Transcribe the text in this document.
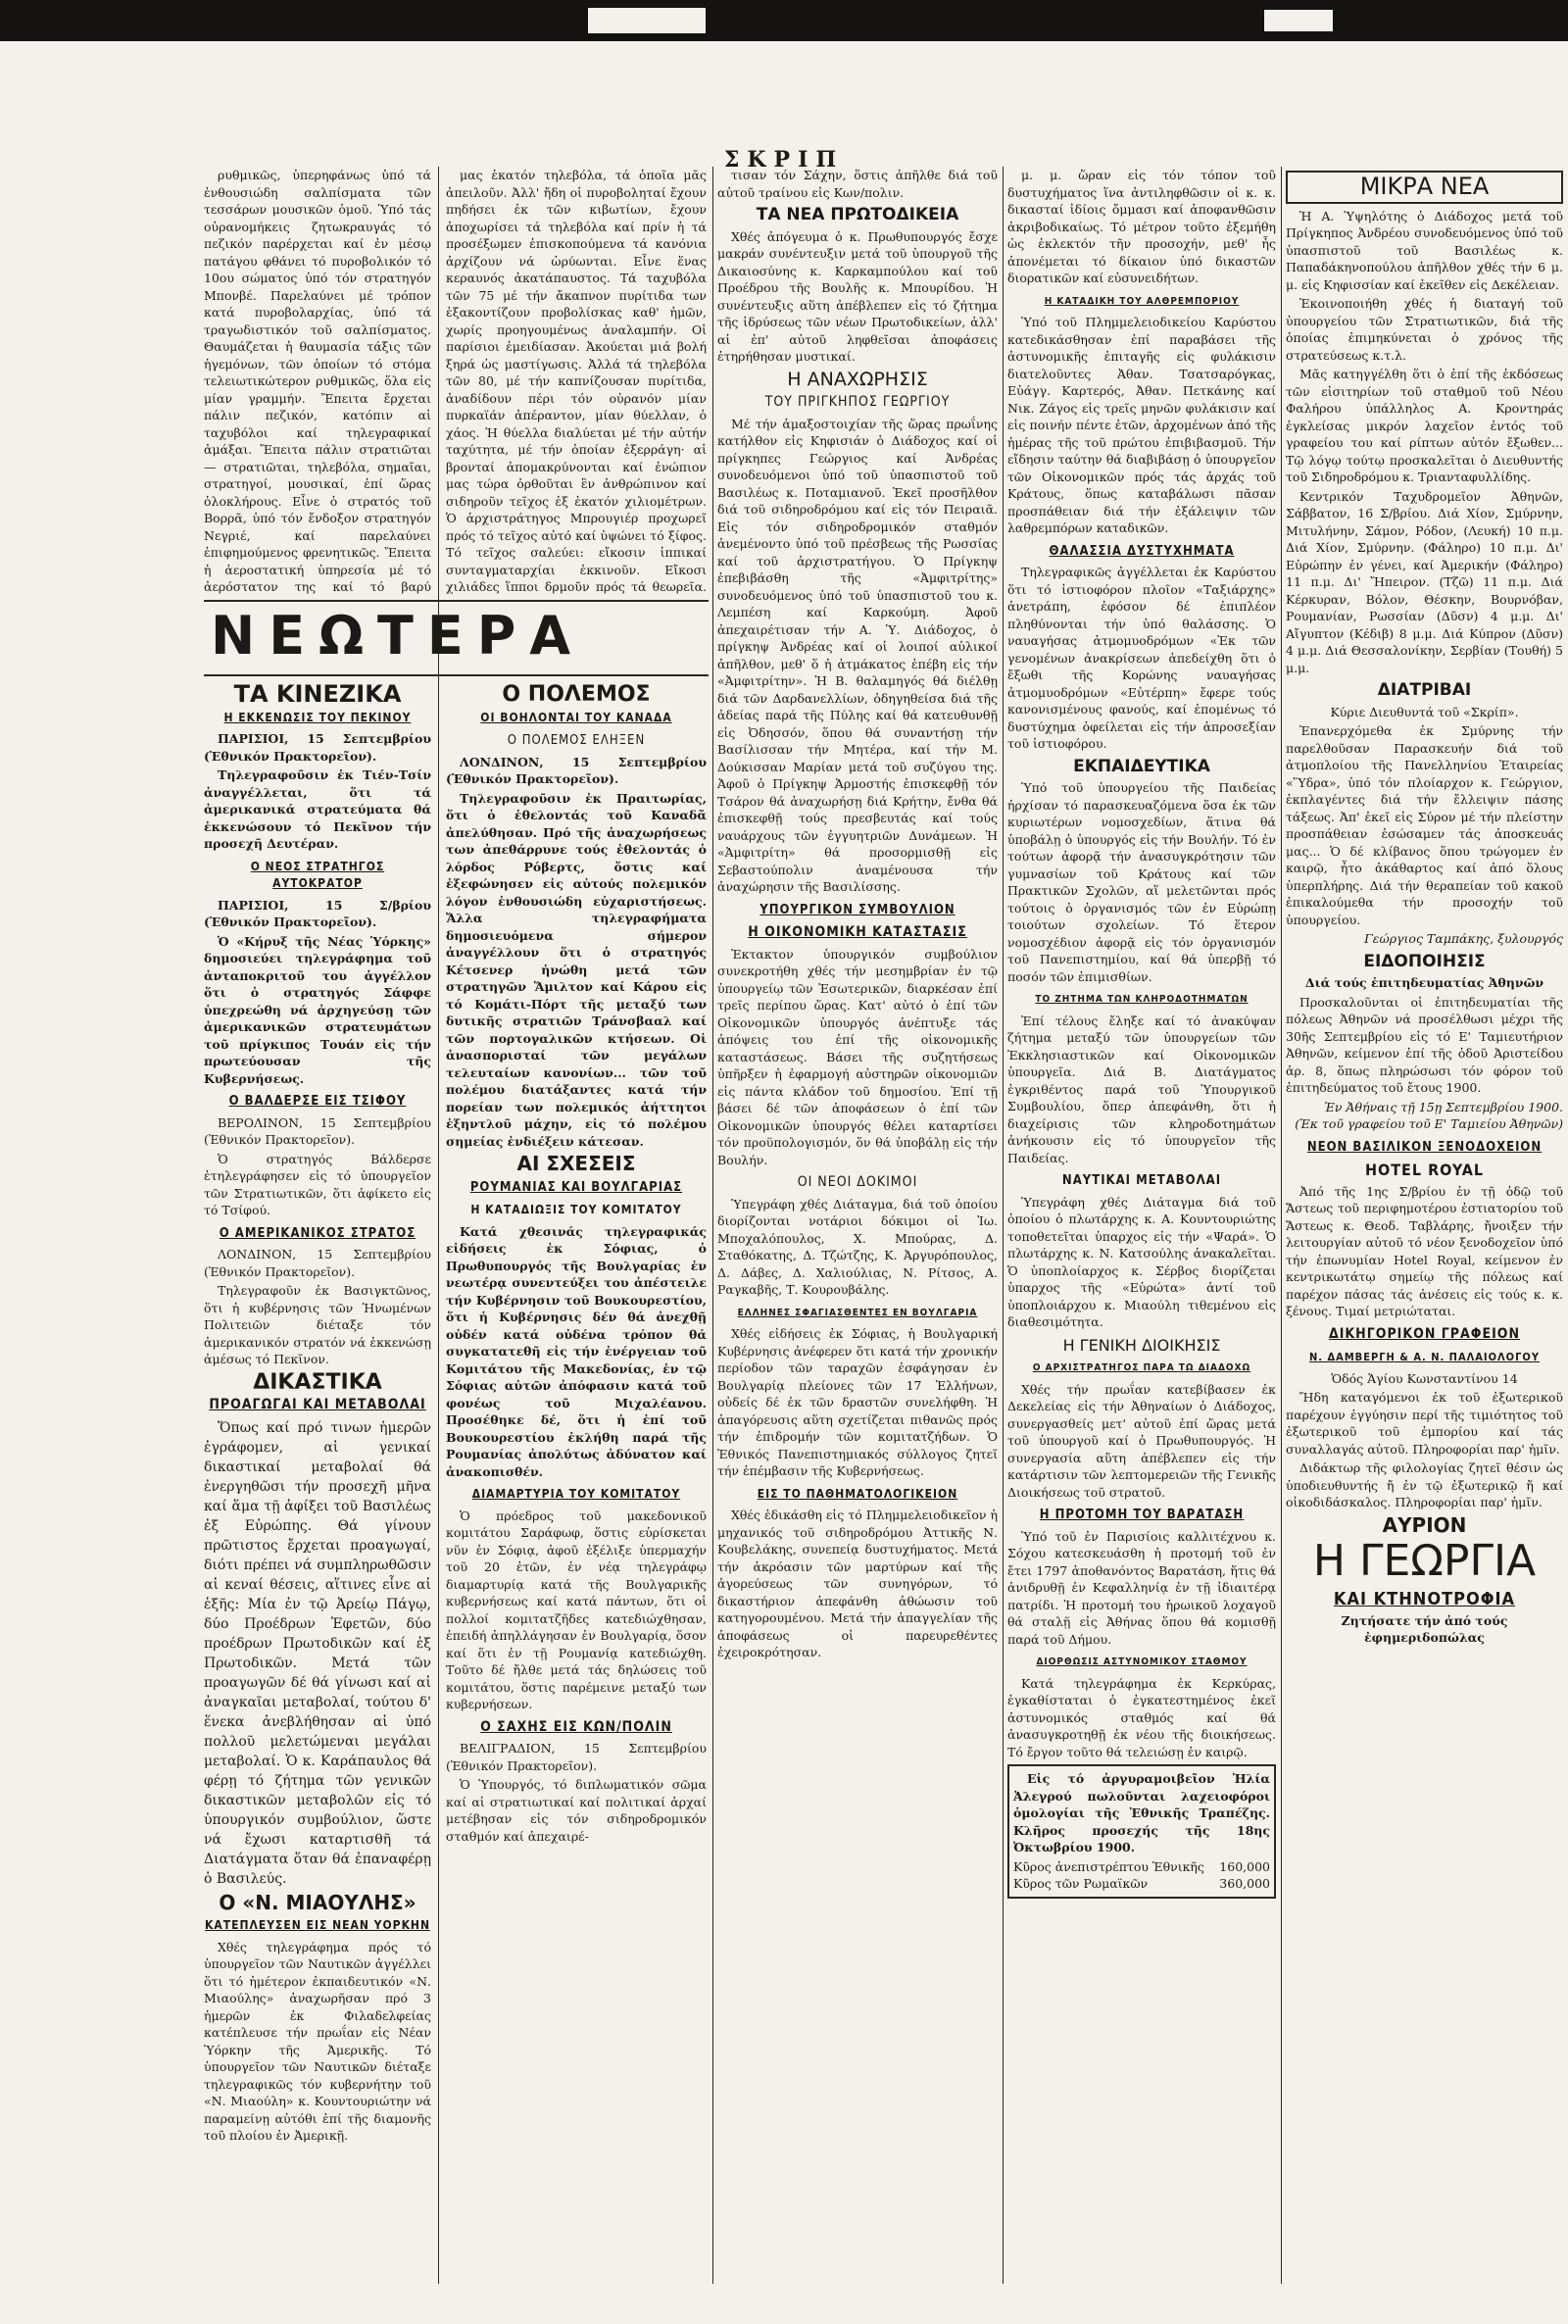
ΣΚΡΙΠ

ρυθμικῶς, ὑπερηφάνως ὑπό τά ἐνθουσιώδη σαλπίσματα τῶν τεσσάρων μουσικῶν ὁμοῦ. Ὑπό τάς οὐρανομήκεις ζητωκραυγάς τό πεζικόν παρέρχεται καί ἐν μέσῳ πατάγου φθάνει τό πυροβολικόν τό 10ου σώματος ὑπό τόν στρατηγόν Μπονβέ. Παρελαύνει μέ τρόπον κατά πυροβολαρχίας, ὑπό τά τραγωδιστικόν τοῦ σαλπίσματος. Θαυμάζεται ἡ θαυμασία τάξις τῶν ἡγεμόνων, τῶν ὁποίων τό στόμα τελειωτικώτερον ρυθμικῶς, ὅλα εἰς μίαν γραμμήν. Ἔπειτα ἔρχεται πάλιν πεζικόν, κατόπιν αἱ ταχυβόλοι καί τηλεγραφικαί ἁμάξαι. Ἔπειτα πάλιν στρατιῶται — στρατιῶται, τηλεβόλα, σημαῖαι, στρατηγοί, μουσικαί, ἐπί ὥρας ὁλοκλήρους. Εἶνε ὁ στρατός τοῦ Βορρᾶ, ὑπό τόν ἔνδοξον στρατηγόν Νεγριέ, καί παρελαύνει ἐπιφημούμενος φρενητικῶς. Ἔπειτα ἡ ἀεροστατική ὑπηρεσία μέ τό ἀερόστατον της καί τό βαρύ

μας ἑκατόν τηλεβόλα, τά ὁποῖα μᾶς ἀπειλοῦν. Ἀλλ' ἤδη οἱ πυροβοληταί ἔχουν πηδήσει ἐκ τῶν κιβωτίων, ἔχουν ἀποχωρίσει τά τηλεβόλα καί πρίν ἡ τά προσέξωμεν ἐπισκοπούμενα τά κανόνια ἀρχίζουν νά ὠρύωνται. Εἶνε ἕνας κεραυνός ἀκατάπαυστος. Τά ταχυβόλα τῶν 75 μέ τήν ἄκαπνον πυρίτιδα των ἑξακοντίζουν προβολίσκας καθ' ἡμῶν, χωρίς προηγουμένως ἀναλαμπήν. Οἱ παρίσιοι ἐμειδίασαν. Ἀκούεται μιά βολή ξηρά ὡς μαστίγωσις. Ἀλλά τά τηλεβόλα τῶν 80, μέ τήν καπνίζουσαν πυρίτιδα, ἀναδίδουν πέρι τόν οὐρανόν μίαν πυρκαϊάν ἀπέραντον, μίαν θύελλαν, ὁ χάος. Ἡ θύελλα διαλύεται μέ τήν αὐτήν ταχύτητα, μέ τήν ὁποίαν ἐξερράγη· αἱ βρονταί ἀπομακρύνονται καί ἐνώπιον μας τώρα ὀρθοῦται ἓν ἀνθρώπινον καί σιδηροῦν τεῖχος ἐξ ἑκατόν χιλιομέτρων. Ὁ ἀρχιστράτηγος Μπρουγιέρ προχωρεῖ πρός τό τεῖχος αὐτό καί ὑψώνει τό ξίφος. Τό τεῖχος σαλεύει: εἴκοσιν ἱππικαί συνταγματαρχίαι ἐκκινοῦν. Εἴκοσι χιλιάδες ἵπποι δρμοῦν πρός τά θεωρεῖα.

ΝΕΩΤΕΡΑ
ΤΑ ΚΙΝΕΖΙΚΑ
Η ΕΚΚΕΝΩΣΙΣ ΤΟΥ ΠΕΚΙΝΟΥ

ΠΑΡΙΣΙΟΙ, 15 Σεπτεμβρίου (Ἐθνικόν Πρακτορεῖον).

Τηλεγραφοῦσιν ἐκ Τιέν-Τσίν ἀναγγέλλεται, ὅτι τά ἀμερικανικά στρατεύματα θά ἐκκενώσουν τό Πεκῖνον τήν προσεχῆ Δευτέραν.

Ο ΝΕΟΣ ΣΤΡΑΤΗΓΟΣ ΑΥΤΟΚΡΑΤΟΡ

ΠΑΡΙΣΙΟΙ, 15 Σ/βρίου (Ἐθνικόν Πρακτορεῖον).

Ὁ «Κήρυξ τῆς Νέας Ὑόρκης» δημοσιεύει τηλεγράφημα τοῦ ἀνταποκριτοῦ του ἀγγέλλον ὅτι ὁ στρατηγός Σάφφε ὑπεχρεώθη νά ἀρχηγεύσῃ τῶν ἀμερικανικῶν στρατευμάτων τοῦ πρίγκιπος Τουάν εἰς τήν πρωτεύουσαν τῆς Κυβερνήσεως.

Ο ΒΑΛΔΕΡΣΕ ΕΙΣ ΤΣΙΦΟΥ

ΒΕΡΟΛΙΝΟΝ, 15 Σεπτεμβρίου (Ἐθνικόν Πρακτορεῖον).

Ὁ στρατηγός Βάλδερσε ἐτηλεγράφησεν εἰς τό ὑπουργεῖον τῶν Στρατιωτικῶν, ὅτι ἀφίκετο εἰς τό Τσίφού.

Ο ΑΜΕΡΙΚΑΝΙΚΟΣ ΣΤΡΑΤΟΣ

ΛΟΝΔΙΝΟΝ, 15 Σεπτεμβρίου (Ἐθνικόν Πρακτορεῖον).

Τηλεγραφοῦν ἐκ Βασιγκτῶνος, ὅτι ἡ κυβέρνησις τῶν Ἡνωμένων Πολιτειῶν διέταξε τόν ἀμερικανικόν στρατόν νά ἐκκενώσῃ ἀμέσως τό Πεκῖνον.

ΔΙΚΑΣΤΙΚΑ
ΠΡΟΑΓΩΓΑΙ ΚΑΙ ΜΕΤΑΒΟΛΑΙ

Ὅπως καί πρό τινων ἡμερῶν ἐγράφομεν, αἱ γενικαί δικαστικαί μεταβολαί θά ἐνεργηθῶσι τήν προσεχῆ μῆνα καί ἅμα τῇ ἀφίξει τοῦ Βασιλέως ἐξ Εὐρώπης. Θά γίνουν πρῶτιστος ἔρχεται προαγωγαί, διότι πρέπει νά συμπληρωθῶσιν αἱ κεναί θέσεις, αἵτινες εἶνε αἱ ἑξῆς: Μία ἐν τῷ Ἀρείῳ Πάγῳ, δύο Προέδρων Ἐφετῶν, δύο προέδρων Πρωτοδικῶν καί ἐξ Πρωτοδικῶν. Μετά τῶν προαγωγῶν δέ θά γίνωσι καί αἱ ἀναγκαῖαι μεταβολαί, τούτου δ' ἕνεκα ἀνεβλήθησαν αἱ ὑπό πολλοῦ μελετώμεναι μεγάλαι μεταβολαί. Ὁ κ. Καράπαυλος θά φέρῃ τό ζήτημα τῶν γενικῶν δικαστικῶν μεταβολῶν εἰς τό ὑπουργικόν συμβούλιον, ὥστε νά ἔχωσι καταρτισθῆ τά Διατάγματα ὅταν θά ἐπαναφέρῃ ὁ Βασιλεύς.

Ο «Ν. ΜΙΑΟΥΛΗΣ»
ΚΑΤΕΠΛΕΥΣΕΝ ΕΙΣ ΝΕΑΝ ΥΟΡΚΗΝ

Χθές τηλεγράφημα πρός τό ὑπουργεῖον τῶν Ναυτικῶν ἀγγέλλει ὅτι τό ἡμέτερον ἐκπαιδευτικόν «Ν. Μιαούλης» ἀναχωρῆσαν πρό 3 ἡμερῶν ἐκ Φιλαδελφείας κατέπλευσε τήν πρωΐαν εἰς Νέαν Ὑόρκην τῆς Ἀμερικῆς. Τό ὑπουργεῖον τῶν Ναυτικῶν διέταξε τηλεγραφικῶς τόν κυβερνήτην τοῦ «Ν. Μιαούλη» κ. Κουντουριώτην νά παραμείνῃ αὐτόθι ἐπί τῆς διαμονῆς τοῦ πλοίου ἐν Ἀμερικῇ.

Ο ΠΟΛΕΜΟΣ
ΟΙ ΒΟΗΛΟΝΤΑΙ ΤΟΥ ΚΑΝΑΔΑ
Ο ΠΟΛΕΜΟΣ ΕΛΗΞΕΝ

ΛΟΝΔΙΝΟΝ, 15 Σεπτεμβρίου (Ἐθνικόν Πρακτορεῖον).

Τηλεγραφοῦσιν ἐκ Πραιτωρίας, ὅτι ὁ ἐθελοντάς τοῦ Καναδᾶ ἀπελύθησαν. Πρό τῆς ἀναχωρήσεως των ἀπεθάρρυνε τούς ἐθελοντάς ὁ λόρδος Ρόβερτς, ὅστις καί ἐξεφώνησεν εἰς αὐτούς πολεμικόν λόγον ἐνθουσιώδη εὐχαριστήσεως. Ἄλλα τηλεγραφήματα δημοσιευόμενα σήμερον ἀναγγέλλουν ὅτι ὁ στρατηγός Κέτσενερ ἡνώθη μετά τῶν στρατηγῶν Ἅμιλτον καί Κάρου εἰς τό Κομάτι-Πόρτ τῆς μεταξύ των δυτικῆς στρατιῶν Τράνσβααλ καί τῶν πορτογαλικῶν κτήσεων. Οἱ ἀνασπορισταί τῶν μεγάλων τελευταίων κανονίων... τῶν τοῦ πολέμου διατάξαντες κατά τήν πορείαν των πολεμικός ἀήττητοι ἐξηντλοῦ μάχην, εἰς τό πολέμου σημείας ἐνδιέξειν κάτεσαν.

ΑΙ ΣΧΕΣΕΙΣ
ΡΟΥΜΑΝΙΑΣ ΚΑΙ ΒΟΥΛΓΑΡΙΑΣ
Η ΚΑΤΑΔΙΩΞΙΣ ΤΟΥ ΚΟΜΙΤΑΤΟΥ

Κατά χθεσινάς τηλεγραφικάς εἰδήσεις ἐκ Σόφιας, ὁ Πρωθυπουργός τῆς Βουλγαρίας ἐν νεωτέρᾳ συνεντεύξει του ἀπέστειλε τήν Κυβέρνησιν τοῦ Βουκουρεστίου, ὅτι ἡ Κυβέρνησις δέν θά ἀνεχθῇ οὐδέν κατά οὐδένα τρόπον θά συγκατατεθῆ εἰς τήν ἐνέργειαν τοῦ Κομιτάτου τῆς Μακεδονίας, ἐν τῷ Σόφιας αὐτῶν ἀπόφασιν κατά τοῦ φονέως τοῦ Μιχαλέανου. Προσέθηκε δέ, ὅτι ἡ ἐπί τοῦ Βουκουρεστίου ἐκλήθη παρά τῆς Ρουμανίας ἀπολύτως ἀδύνατον καί ἀνακοπισθέν.

ΔΙΑΜΑΡΤΥΡΙΑ ΤΟΥ ΚΟΜΙΤΑΤΟΥ

Ὁ πρόεδρος τοῦ μακεδονικοῦ κομιτάτου Σαράφωφ, ὅστις εὑρίσκεται νῦν ἐν Σόφιᾳ, ἀφοῦ ἐξέλιξε ὑπερμαχήν τοῦ 20 ἐτῶν, ἐν νέᾳ τηλεγράφῳ διαμαρτυρίᾳ κατά τῆς Βουλγαρικῆς κυβερνήσεως καί κατά πάντων, ὅτι οἱ πολλοί κομιτατζῆδες κατεδιώχθησαν, ἐπειδή ἀπηλλάγησαν ἐν Βουλγαρίᾳ, ὅσον καί ὅτι ἐν τῇ Ρουμανίᾳ κατεδιώχθη. Τοῦτο δέ ἤλθε μετά τάς δηλώσεις τοῦ κομιτάτου, ὅστις παρέμεινε μεταξύ των κυβερνήσεων.

Ο ΣΑΧΗΣ ΕΙΣ ΚΩΝ/ΠΟΛΙΝ

ΒΕΛΙΓΡΑΔΙΟΝ, 15 Σεπτεμβρίου (Ἐθνικόν Πρακτορεῖον).

Ὁ Ὑπουργός, τό διπλωματικόν σῶμα καί αἱ στρατιωτικαί καί πολιτικαί ἀρχαί μετέβησαν εἰς τόν σιδηροδρομικόν σταθμόν καί ἀπεχαιρέ-

τισαν τόν Σάχην, ὅστις ἀπῆλθε διά τοῦ αὐτοῦ τραίνου εἰς Κων/πολιν.

ΤΑ ΝΕΑ ΠΡΩΤΟΔΙΚΕΙΑ

Χθές ἀπόγευμα ὁ κ. Πρωθυπουργός ἔσχε μακράν συνέντευξιν μετά τοῦ ὑπουργοῦ τῆς Δικαιοσύνης κ. Καρκαμπούλου καί τοῦ Προέδρου τῆς Βουλῆς κ. Μπουρίδου. Ἡ συνέντευξις αὕτη ἀπέβλεπεν εἰς τό ζήτημα τῆς ἱδρύσεως τῶν νέων Πρωτοδικείων, ἀλλ' αἱ ἐπ' αὐτοῦ ληφθεῖσαι ἀποφάσεις ἐτηρήθησαν μυστικαί.

Η ΑΝΑΧΩΡΗΣΙΣ
ΤΟΥ ΠΡΙΓΚΗΠΟΣ ΓΕΩΡΓΙΟΥ

Μέ τήν ἀμαξοστοιχίαν τῆς ὥρας πρωΐνης κατήλθον εἰς Κηφισιάν ὁ Διάδοχος καί οἱ πρίγκηπες Γεώργιος καί Ἀνδρέας συνοδευόμενοι ὑπό τοῦ ὑπασπιστοῦ τοῦ Βασιλέως κ. Ποταμιανοῦ. Ἐκεῖ προσῆλθον διά τοῦ σιδηροδρόμου καί εἰς τόν Πειραιᾶ. Εἰς τόν σιδηροδρομικόν σταθμόν ἀνεμένοντο ὑπό τοῦ πρέσβεως τῆς Ρωσσίας καί τοῦ ἀρχιστρατήγου. Ὁ Πρίγκηψ ἐπεβιβάσθη τῆς «Ἀμφιτρίτης» συνοδευόμενος ὑπό τοῦ ὑπασπιστοῦ του κ. Λεμπέση καί Καρκούμη. Ἀφοῦ ἀπεχαιρέτισαν τήν Α. Ὑ. Διάδοχος, ὁ πρίγκηψ Ἀνδρέας καί οἱ λοιποί αὐλικοί ἀπῆλθον, μεθ' ὅ ἡ ἀτμάκατος ἐπέβη εἰς τήν «Ἀμφιτρίτην». Ἡ Β. θαλαμηγός θά διέλθῃ διά τῶν Δαρδανελλίων, ὁδηγηθείσα διά τῆς ἀδείας παρά τῆς Πύλης καί θά κατευθυνθῇ εἰς Ὀδησσόν, ὅπου θά συναντήσῃ τήν Βασίλισσαν τήν Μητέρα, καί τήν Μ. Δούκισσαν Μαρίαν μετά τοῦ συζύγου της. Ἀφοῦ ὁ Πρίγκηψ Ἁρμοστής ἐπισκεφθῇ τόν Τσάρον θά ἀναχωρήσῃ διά Κρήτην, ἔνθα θά ἐπισκεφθῇ τούς πρεσβευτάς καί τούς ναυάρχους τῶν ἐγγυητριῶν Δυνάμεων. Ἡ «Ἀμφιτρίτη» θά προσορμισθῇ εἰς Σεβαστούπολιν ἀναμένουσα τήν ἀναχώρησιν τῆς Βασιλίσσης.

ΥΠΟΥΡΓΙΚΟΝ ΣΥΜΒΟΥΛΙΟΝ
Η ΟΙΚΟΝΟΜΙΚΗ ΚΑΤΑΣΤΑΣΙΣ

Ἐκτακτον ὑπουργικόν συμβούλιον συνεκροτήθη χθές τήν μεσημβρίαν ἐν τῷ ὑπουργείῳ τῶν Ἐσωτερικῶν, διαρκέσαν ἐπί τρεῖς περίπου ὥρας. Κατ' αὐτό ὁ ἐπί τῶν Οἰκονομικῶν ὑπουργός ἀνέπτυξε τάς ἀπόψεις του ἐπί τῆς οἰκονομικῆς καταστάσεως. Βάσει τῆς συζητήσεως ὑπῆρξεν ἡ ἐφαρμογή αὐστηρῶν οἰκονομιῶν εἰς πάντα κλάδον τοῦ δημοσίου. Ἐπί τῇ βάσει δέ τῶν ἀποφάσεων ὁ ἐπί τῶν Οἰκονομικῶν ὑπουργός θέλει καταρτίσει τόν προϋπολογισμόν, ὅν θά ὑποβάλῃ εἰς τήν Βουλήν.

ΟΙ ΝΕΟΙ ΔΟΚΙΜΟΙ

Ὑπεγράφη χθές Διάταγμα, διά τοῦ ὁποίου διορίζονται νοτάριοι δόκιμοι οἱ Ἰω. Μποχαλόπουλος, Χ. Μπούρας, Δ. Σταθόκατης, Δ. Τζώτζης, Κ. Ἀργυρόπουλος, Δ. Δάβες, Δ. Χαλιούλιας, Ν. Ρίτσος, Α. Ραγκαβῆς, Τ. Κουρουβάλης.

ΕΛΛΗΝΕΣ ΣΦΑΓΙΑΣΘΕΝΤΕΣ ΕΝ ΒΟΥΛΓΑΡΙΑ

Χθές εἰδήσεις ἐκ Σόφιας, ἡ Βουλγαρική Κυβέρνησις ἀνέφερεν ὅτι κατά τήν χρονικήν περίοδον τῶν ταραχῶν ἐσφάγησαν ἐν Βουλγαρίᾳ πλείονες τῶν 17 Ἑλλήνων, οὐδείς δέ ἐκ τῶν δραστῶν συνελήφθη. Ἡ ἀπαγόρευσις αὕτη σχετίζεται πιθανῶς πρός τήν ἐπιδρομήν τῶν κομιτατζήδων. Ὁ Ἐθνικός Πανεπιστημιακός σύλλογος ζητεῖ τήν ἐπέμβασιν τῆς Κυβερνήσεως.

ΕΙΣ ΤΟ ΠΑΘΗΜΑΤΟΛΟΓΙΚΕΙΟΝ

Χθές ἐδικάσθη εἰς τό Πλημμελειοδικεῖον ἡ μηχανικός τοῦ σιδηροδρόμου Ἀττικῆς Ν. Κουβελάκης, συνεπείᾳ δυστυχήματος. Μετά τήν ἀκρόασιν τῶν μαρτύρων καί τῆς ἀγορεύσεως τῶν συνηγόρων, τό δικαστήριον ἀπεφάνθη ἀθώωσιν τοῦ κατηγορουμένου. Μετά τήν ἀπαγγελίαν τῆς ἀποφάσεως οἱ παρευρεθέντες ἐχειροκρότησαν.

μ. μ. ὥραν εἰς τόν τόπον τοῦ δυστυχήματος ἵνα ἀντιληφθῶσιν οἱ κ. κ. δικασταί ἰδίοις ὄμμασι καί ἀποφανθῶσιν ἀκριβοδικαίως. Τό μέτρον τοῦτο ἐξεμήθη ὡς ἐκλεκτόν τῆν προσοχήν, μεθ' ἧς ἀπονέμεται τό δίκαιον ὑπό δικαστῶν διορατικῶν καί εὐσυνειδήτων.

Η ΚΑΤΑΔΙΚΗ ΤΟΥ ΑΛΘΡΕΜΠΟΡΙΟΥ

Ὑπό τοῦ Πλημμελειοδικείου Καρύστου κατεδικάσθησαν ἐπί παραβάσει τῆς ἀστυνομικῆς ἐπιταγῆς εἰς φυλάκισιν διατελοῦντες Ἀθαν. Τσατσαρόγκας, Εὐάγγ. Καρτερός, Ἀθαν. Πετκάνης καί Νικ. Ζάγος εἰς τρεῖς μηνῶν φυλάκισιν καί εἰς ποινήν πέντε ἐτῶν, ἀρχομένων ἀπό τῆς ἡμέρας τῆς τοῦ πρώτου ἐπιβιβασμοῦ. Τήν εἴδησιν ταύτην θά διαβιβάσῃ ὁ ὑπουργεῖον τῶν Οἰκονομικῶν πρός τάς ἀρχάς τοῦ Κράτους, ὅπως καταβάλωσι πᾶσαν προσπάθειαν διά τήν ἐξάλειψιν τῶν λαθρεμπόρων καταδικῶν.

ΘΑΛΑΣΣΙΑ ΔΥΣΤΥΧΗΜΑΤΑ

Τηλεγραφικῶς ἀγγέλλεται ἐκ Καρύστου ὅτι τό ἱστιοφόρον πλοῖον «Ταξιάρχης» ἀνετράπη, ἐφόσον δέ ἐπιπλέον πληθύνονται τήν ὑπό θαλάσσης. Ὁ ναυαγήσας ἀτμομυοδρόμων «Ἐκ τῶν γενομένων ἀνακρίσεων ἀπεδείχθη ὅτι ὁ ἔξωθι τῆς Κορώνης ναυαγήσας ἀτμομυοδρόμων «Εὐτέρπη» ἔφερε τούς κανονισμένους φανούς, καί ἐπομένως τό δυστύχημα ὀφείλεται εἰς τήν ἀπροσεξίαν τοῦ ἱστιοφόρου.

ΕΚΠΑΙΔΕΥΤΙΚΑ

Ὑπό τοῦ ὑπουργείου τῆς Παιδείας ἠρχίσαν τό παρασκευαζόμενα ὅσα ἐκ τῶν κυριωτέρων νομοσχεδίων, ἅτινα θά ὑποβάλῃ ὁ ὑπουργός εἰς τήν Βουλήν. Τό ἐν τούτων ἀφορᾷ τήν ἀνασυγκρότησιν τῶν γυμνασίων τοῦ Κράτους καί τῶν Πρακτικῶν Σχολῶν, αἵ μελετῶνται πρός τούτοις ὁ ὀργανισμός τῶν ἐν Εὐρώπῃ τοιούτων σχολείων. Τό ἕτερον νομοσχέδιον ἀφορᾷ εἰς τόν ὀργανισμόν τοῦ Πανεπιστημίου, καί θά ὑπερβῇ τό ποσόν τῶν ἐπιμισθίων.

ΤΟ ΖΗΤΗΜΑ ΤΩΝ ΚΛΗΡΟΔΟΤΗΜΑΤΩΝ

Ἐπί τέλους ἔληξε καί τό ἀνακύψαν ζήτημα μεταξύ τῶν ὑπουργείων τῶν Ἐκκλησιαστικῶν καί Οἰκονομικῶν ὑπουργεῖα. Διά Β. Διατάγματος ἐγκριθέντος παρά τοῦ Ὑπουργικοῦ Συμβουλίου, ὅπερ ἀπεφάνθη, ὅτι ἡ διαχείρισις τῶν κληροδοτημάτων ἀνήκουσιν εἰς τό ὑπουργεῖον τῆς Παιδείας.

ΝΑΥΤΙΚΑΙ ΜΕΤΑΒΟΛΑΙ

Ὑπεγράφη χθές Διάταγμα διά τοῦ ὁποίου ὁ πλωτάρχης κ. Α. Κουντουριώτης τοποθετεῖται ὑπαρχος εἰς τήν «Ψαρά». Ὁ πλωτάρχης κ. Ν. Κατσούλης ἀνακαλεῖται. Ὁ ὑποπλοίαρχος κ. Σέρβος διορίζεται ὑπαρχος τῆς «Εὐρώτα» ἀντί τοῦ ὑποπλοιάρχου κ. Μιαούλη τιθεμένου εἰς διαθεσιμότητα.

Η ΓΕΝΙΚΗ ΔΙΟΙΚΗΣΙΣ
Ο ΑΡΧΙΣΤΡΑΤΗΓΟΣ ΠΑΡΑ ΤΩ ΔΙΑΔΟΧΩ

Χθές τήν πρωΐαν κατεβίβασεν ἐκ Δεκελείας εἰς τήν Ἀθηναίων ὁ Διάδοχος, συνεργασθείς μετ' αὐτοῦ ἐπί ὥρας μετά τοῦ ὑπουργοῦ καί ὁ Πρωθυπουργός. Ἡ συνεργασία αὕτη ἀπέβλεπεν εἰς τήν κατάρτισιν τῶν λεπτομερειῶν τῆς Γενικῆς Διοικήσεως τοῦ στρατοῦ.

Η ΠΡΟΤΟΜΗ ΤΟΥ ΒΑΡΑΤΑΣΗ

Ὑπό τοῦ ἐν Παρισίοις καλλιτέχνου κ. Σόχου κατεσκευάσθη ἡ προτομή τοῦ ἐν ἔτει 1797 ἀποθανόντος Βαρατάση, ἥτις θά ἀνιδρυθῇ ἐν Κεφαλληνίᾳ ἐν τῇ ἰδιαιτέρᾳ πατρίδι. Ἡ προτομή του ἡρωικοῦ λοχαγοῦ θά σταλῇ εἰς Ἀθήνας ὅπου θά κομισθῇ παρά τοῦ Δήμου.

ΔΙΟΡΘΩΣΙΣ ΑΣΤΥΝΟΜΙΚΟΥ ΣΤΑΘΜΟΥ

Κατά τηλεγράφημα ἐκ Κερκύρας, ἐγκαθίσταται ὁ ἐγκατεστημένος ἐκεῖ ἀστυνομικός σταθμός καί θά ἀνασυγκροτηθῇ ἐκ νέου τῆς διοικήσεως. Τό ἔργον τοῦτο θά τελειώσῃ ἐν καιρῷ.

Εἰς τό ἀργυραμοιβεῖον Ἡλία Ἀλεγρού πωλοῦνται λαχειοφόροι ὁμολογίαι τῆς Ἐθνικῆς Τραπέζης. Κλῆρος προσεχής τῆς 18ης Ὀκτωβρίου 1900.

Κῦρος ἀνεπιστρέπτου Ἐθνικῆς 160,000
Κῦρος τῶν Ρωμαϊκῶν	360,000
ΜΙΚΡΑ ΝΕΑ

Ἡ Α. Ὑψηλότης ὁ Διάδοχος μετά τοῦ Πρίγκηπος Ἀνδρέου συνοδευόμενος ὑπό τοῦ ὑπασπιστοῦ τοῦ Βασιλέως κ. Παπαδάκηνοπούλου ἀπῆλθον χθές τήν 6 μ. μ. εἰς Κηφισσίαν καί ἐκεῖθεν εἰς Δεκέλειαν.

Ἐκοινοποιήθη χθές ἡ διαταγή τοῦ ὑπουργείου τῶν Στρατιωτικῶν, διά τῆς ὁποίας ἐπιμηκύνεται ὁ χρόνος τῆς στρατεύσεως κ.τ.λ.

Μᾶς κατηγγέλθη ὅτι ὁ ἐπί τῆς ἐκδόσεως τῶν εἰσιτηρίων τοῦ σταθμοῦ τοῦ Νέου Φαλήρου ὑπάλληλος Α. Κροντηράς ἐγκλείσας μικρόν λαχεῖον ἐντός τοῦ γραφείου του καί ρίπτων αὐτόν ἔξωθεν... Τῷ λόγῳ τούτῳ προσκαλεῖται ὁ Διευθυντής τοῦ Σιδηροδρόμου κ. Τριανταφυλλίδης.

Κεντρικόν Ταχυδρομεῖον Ἀθηνῶν, Σάββατον, 16 Σ/βρίου. Διά Χίον, Σμύρνην, Μιτυλήνην, Σάμον, Ρόδον, (Λευκή) 10 π.μ. Διά Χίον, Σμύρνην. (Φάληρο) 10 π.μ. Δι' Εὐρώπην ἐν γένει, καί Ἀμερικήν (Φάληρο) 11 π.μ. Δι' Ἤπειρον. (Τζῶ) 11 π.μ. Διά Κέρκυραν, Βόλον, Θέσκην, Βουρνόβαν, Ρουμανίαν, Ρωσσίαν (Δῦσν) 4 μ.μ. Δι' Αἴγυπτον (Κέδιβ) 8 μ.μ. Διά Κύπρον (Δῦσν) 4 μ.μ. Διά Θεσσαλονίκην, Σερβίαν (Τουθή) 5 μ.μ.

ΔΙΑΤΡΙΒΑΙ

Κύριε Διευθυντά τοῦ «Σκρίπ».

Ἐπανερχόμεθα ἐκ Σμύρνης τήν παρελθοῦσαν Παρασκευήν διά τοῦ ἀτμοπλοίου τῆς Πανελληνίου Ἑταιρείας «Ὕδρα», ὑπό τόν πλοίαρχον κ. Γεώργιον, ἐκπλαγέντες διά τήν ἔλλειψιν πάσης τάξεως. Ἀπ' ἐκεῖ εἰς Σύρον μέ τήν πλείστην προσπάθειαν ἐσώσαμεν τάς ἀποσκευάς μας... Ὁ δέ κλίβανος ὅπου τρώγομεν ἐν καιρῷ, ἦτο ἀκάθαρτος καί ἀπό ὅλους ὑπερπλήρης. Διά τήν θεραπείαν τοῦ κακοῦ ἐπικαλούμεθα τήν προσοχήν τοῦ ὑπουργείου.

Γεώργιος Ταμπάκης, ξυλουργός

ΕΙΔΟΠΟΙΗΣΙΣ

Διά τούς ἐπιτηδευματίας Ἀθηνῶν

Προσκαλοῦνται οἱ ἐπιτηδευματίαι τῆς πόλεως Ἀθηνῶν νά προσέλθωσι μέχρι τῆς 30ῆς Σεπτεμβρίου εἰς τό Ε' Ταμιευτήριον Ἀθηνῶν, κείμενον ἐπί τῆς ὁδοῦ Ἀριστείδου ἀρ. 8, ὅπως πληρώσωσι τόν φόρον τοῦ ἐπιτηδεύματος τοῦ ἔτους 1900.

Ἐν Ἀθήναις τῇ 15ῃ Σεπτεμβρίου 1900. (Ἐκ τοῦ γραφείου τοῦ Ε' Ταμιείου Ἀθηνῶν)

ΝΕΟΝ ΒΑΣΙΛΙΚΟΝ ΞΕΝΟΔΟΧΕΙΟΝ
HOTEL ROYAL

Ἀπό τῆς 1ης Σ/βρίου ἐν τῇ ὁδῷ τοῦ Ἄστεως τοῦ περιφημοτέρου ἐστιατορίου τοῦ Ἄστεως κ. Θεοδ. Ταβλάρης, ἤνοιξεν τήν λειτουργίαν αὐτοῦ τό νέον ξενοδοχεῖον ὑπό τήν ἐπωνυμίαν Hotel Royal, κείμενον ἐν κεντρικωτάτῳ σημείῳ τῆς πόλεως καί παρέχον πάσας τάς ἀνέσεις εἰς τούς κ. κ. ξένους. Τιμαί μετριώταται.

ΔΙΚΗΓΟΡΙΚΟΝ ΓΡΑΦΕΙΟΝ
Ν. ΔΑΜΒΕΡΓΗ & Α. Ν. ΠΑΛΑΙΟΛΟΓΟΥ

Ὁδός Ἁγίου Κωνσταντίνου 14

Ἤδη καταγόμενοι ἐκ τοῦ ἐξωτερικοῦ παρέχουν ἐγγύησιν περί τῆς τιμιότητος τοῦ ἐξωτερικοῦ τοῦ ἐμπορίου καί τάς συναλλαγάς αὐτοῦ. Πληροφορίαι παρ' ἡμῖν.

Διδάκτωρ τῆς φιλολογίας ζητεῖ θέσιν ὡς ὑποδιευθυντής ἤ ἐν τῷ ἐξωτερικῷ ἤ καί οἰκοδιδάσκαλος. Πληροφορίαι παρ' ἡμῖν.

ΑΥΡΙΟΝ
Η ΓΕΩΡΓΙΑ
ΚΑΙ ΚΤΗΝΟΤΡΟΦΙΑ

Ζητήσατε τήν ἀπό τούς ἐφημεριδοπώλας
